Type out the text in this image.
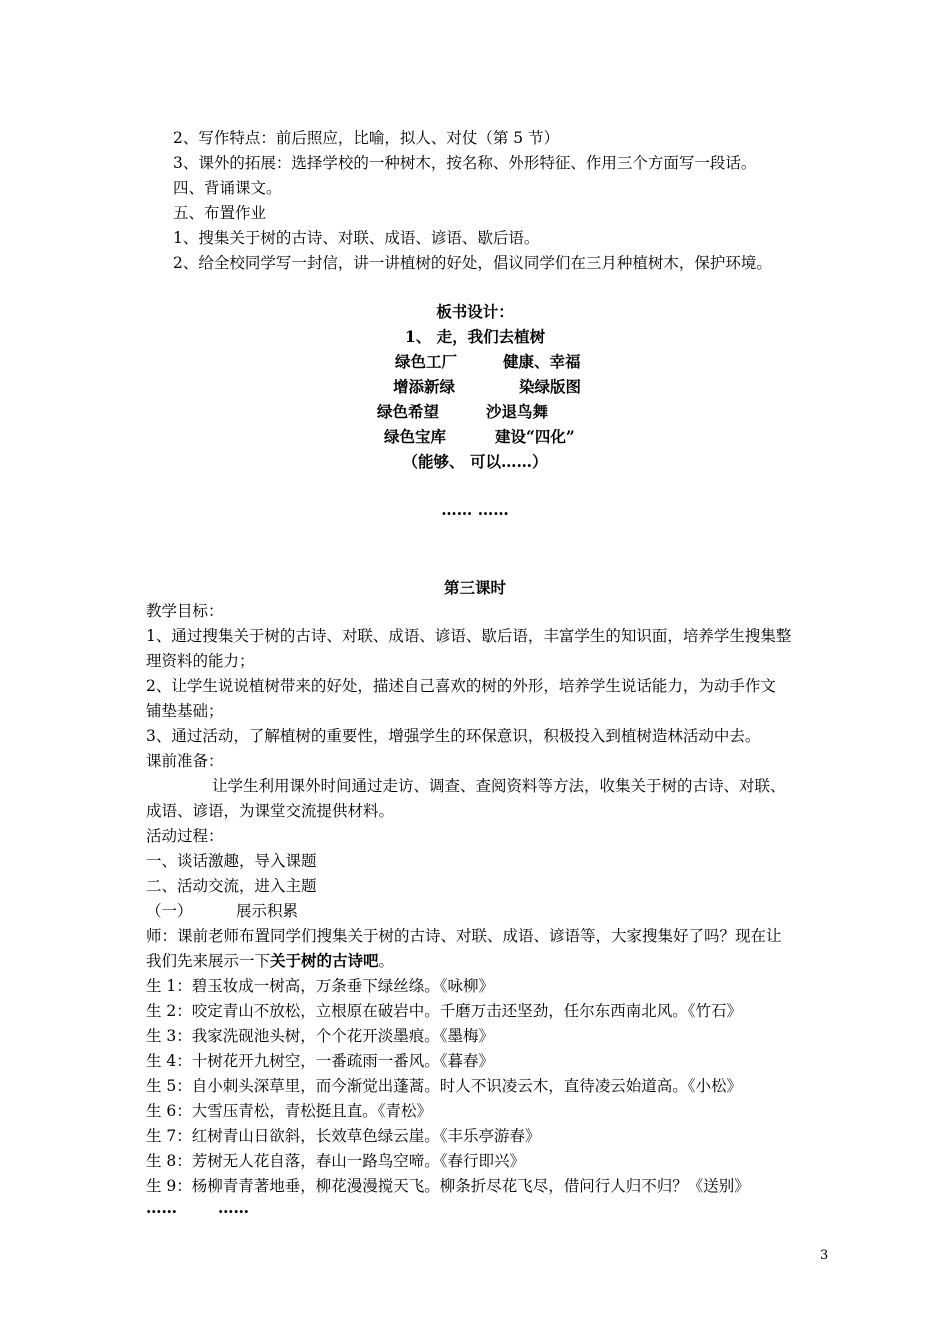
2、写作特点：前后照应，比喻，拟人、对仗（第 5 节）
3、课外的拓展：选择学校的一种树木，按名称、外形特征、作用三个方面写一段话。
四、背诵课文。
五、布置作业
1、搜集关于树的古诗、对联、成语、谚语、歇后语。
2、给全校同学写一封信，讲一讲植树的好处，倡议同学们在三月种植树木，保护环境。
板书设计：
1、 走，我们去植树
绿色工厂	健康、幸福
增添新绿	染绿版图
绿色希望	沙退鸟舞
绿色宝库	建设“四化”
（能够、 可以……）
…… ……
第三课时
教学目标：
1、通过搜集关于树的古诗、对联、成语、谚语、歇后语，丰富学生的知识面，培养学生搜集整
理资料的能力；
2、让学生说说植树带来的好处，描述自己喜欢的树的外形，培养学生说话能力，为动手作文
铺垫基础；
3、通过活动，了解植树的重要性，增强学生的环保意识，积极投入到植树造林活动中去。
课前准备：
让学生利用课外时间通过走访、调查、查阅资料等方法，收集关于树的古诗、对联、
成语、谚语，为课堂交流提供材料。
活动过程：
一、谈话激趣，导入课题
二、活动交流，进入主题
（一）	展示积累
师：课前老师布置同学们搜集关于树的古诗、对联、成语、谚语等，大家搜集好了吗？现在让
我们先来展示一下关于树的古诗吧。
生 1：碧玉妆成一树高，万条垂下绿丝绦。《咏柳》
生 2：咬定青山不放松，立根原在破岩中。千磨万击还坚劲，任尔东西南北风。《竹石》
生 3：我家洗砚池头树，个个花开淡墨痕。《墨梅》
生 4：十树花开九树空，一番疏雨一番风。《暮春》
生 5：自小刺头深草里，而今渐觉出蓬蒿。时人不识凌云木，直待凌云始道高。《小松》
生 6：大雪压青松，青松挺且直。《青松》
生 7：红树青山日欲斜，长效草色绿云崖。《丰乐亭游春》
生 8：芳树无人花自落，春山一路鸟空啼。《春行即兴》
生 9：杨柳青青著地垂，柳花漫漫搅天飞。柳条折尽花飞尽，借问行人归不归？《送别》
……	……
3
